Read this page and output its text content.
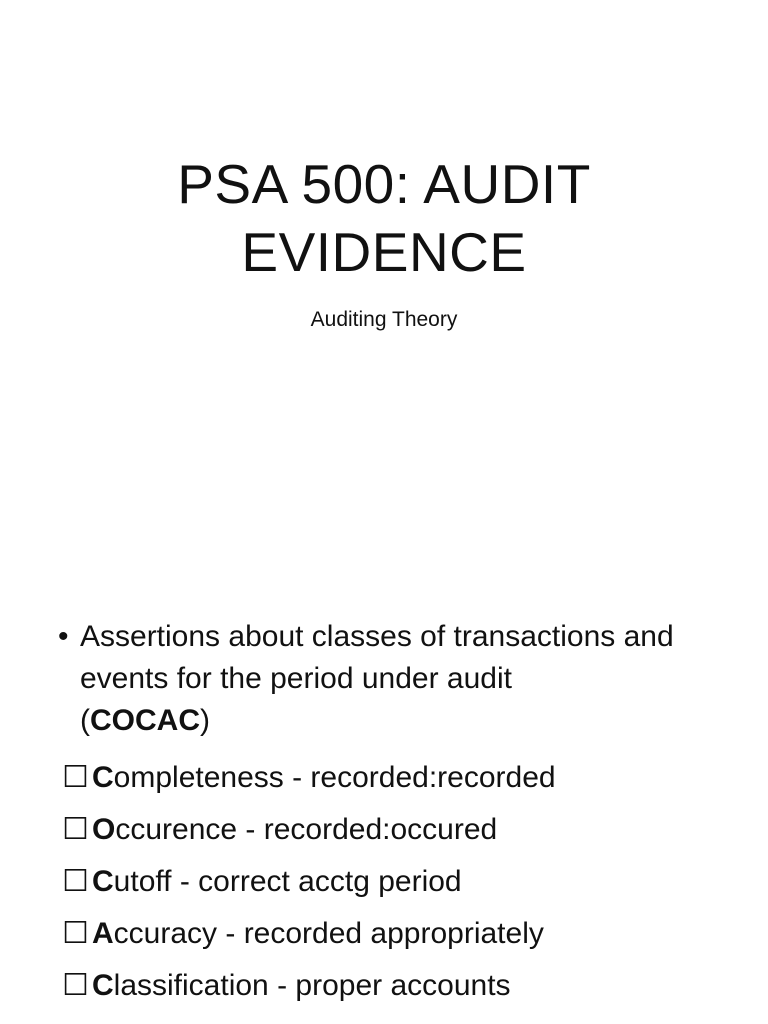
PSA 500: AUDIT
EVIDENCE

Auditing Theory

• Assertions about classes of transactions and events for the period under audit
(COCAC)
☐ Completeness - recorded:recorded
☐ Occurence - recorded:occured
☐ Cutoff - correct acctg period
☐ Accuracy - recorded appropriately
☐ Classification - proper accounts
